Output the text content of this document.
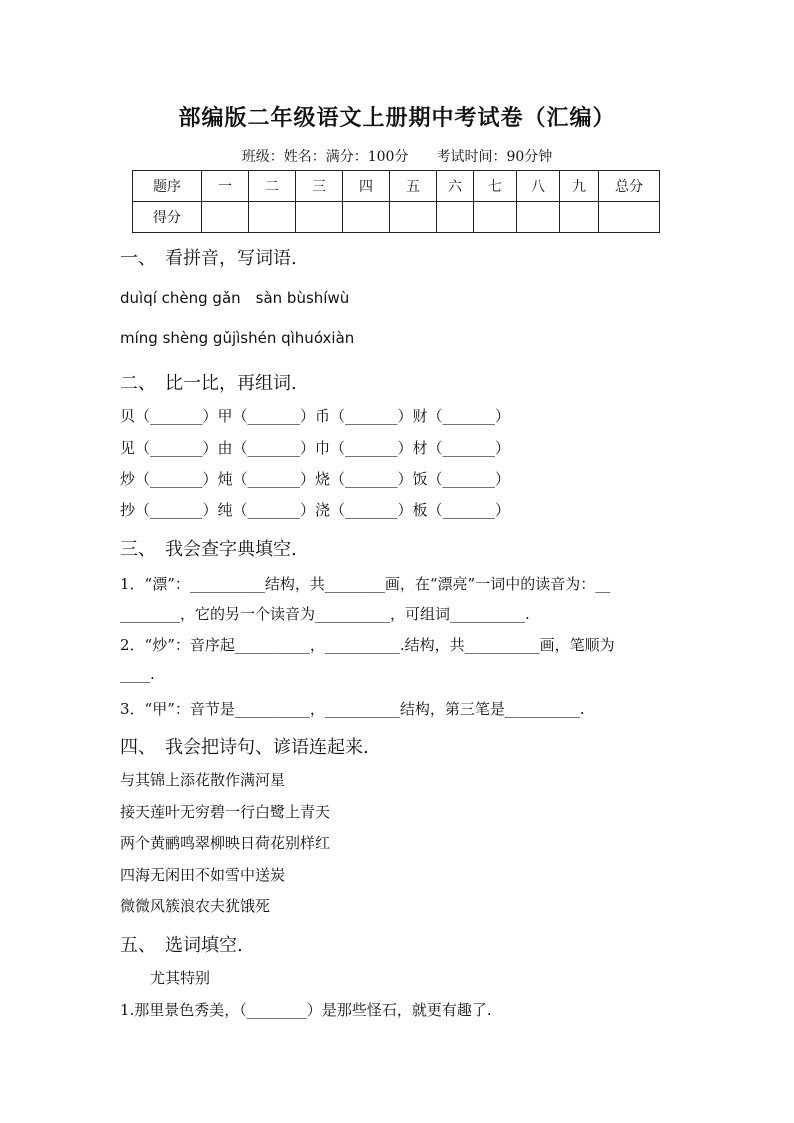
部编版二年级语文上册期中考试卷（汇编）
班级：姓名：满分：100分　　考试时间：90分钟
题序	一	二	三	四	五	六	七	八	九	总分
得分										
一、　看拼音，写词语.
duìqí chèng gǎn　sàn bùshíwù
míng shèng gǔjìshén qìhuóxiàn
二、　比一比，再组词.
贝（_______）甲（_______）币（_______）财（_______）
见（_______）由（_______）巾（_______）材（_______）
炒（_______）炖（_______）烧（_______）饭（_______）
抄（_______）纯（_______）浇（_______）板（_______）
三、　我会查字典填空.
1．“漂”：__________结构，共________画，在“漂亮”一词中的读音为：__
________，它的另一个读音为__________，可组词__________.
2．“炒”：音序起__________，__________.结构，共__________画，笔顺为
____.
3．“甲”：音节是__________，__________结构，第三笔是__________.
四、　我会把诗句、谚语连起来.
与其锦上添花散作满河星
接天莲叶无穷碧一行白鹭上青天
两个黄鹂鸣翠柳映日荷花别样红
四海无闲田不如雪中送炭
微微风簇浪农夫犹饿死
五、　选词填空.
尤其特别
1.那里景色秀美，（________）是那些怪石，就更有趣了.
